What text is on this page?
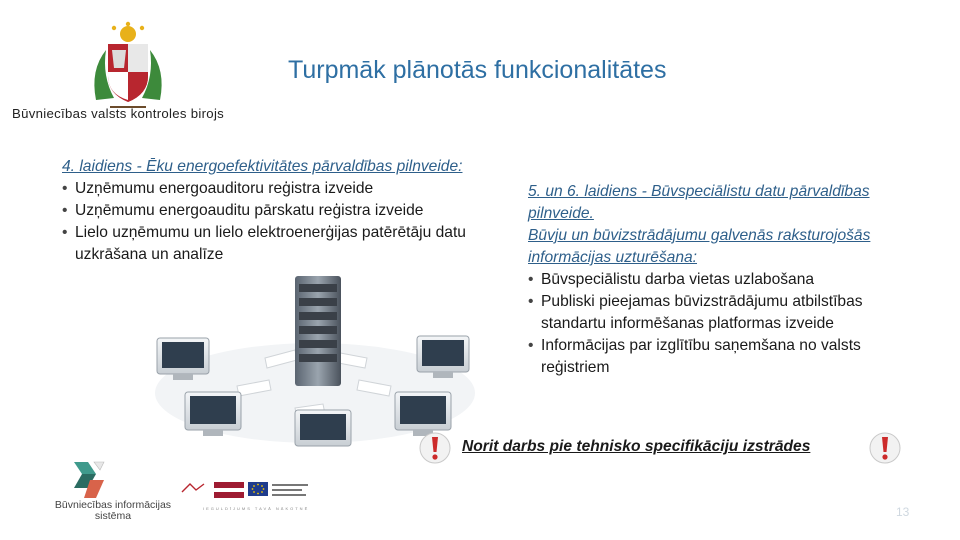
Būvniecības valsts kontroles birojs
Turpmāk plānotās funkcionalitātes
4. laidiens - Ēku energoefektivitātes pārvaldības pilnveide:
• Uzņēmumu energoauditoru reģistra izveide
• Uzņēmumu energoauditu pārskatu reģistra izveide
• Lielo uzņēmumu un lielo elektroenerģijas patērētāju datu uzkrāšana un analīze
5. un 6. laidiens - Būvspeciālistu datu pārvaldības pilnveide.
Būvju un būvizstrādājumu galvenās raksturojošās informācijas uzturēšana:
• Būvspeciālistu darba vietas uzlabošana
• Publiski pieejamas būvizstrādājumu atbilstības standartu informēšanas platformas izveide
• Informācijas par izglītību saņemšana no valsts reģistriem
Norit darbs pie tehnisko specifikāciju izstrādes
Būvniecības informācijas sistēma
IEGULDĪJUMS TAVĀ NĀKOTNĒ	13
